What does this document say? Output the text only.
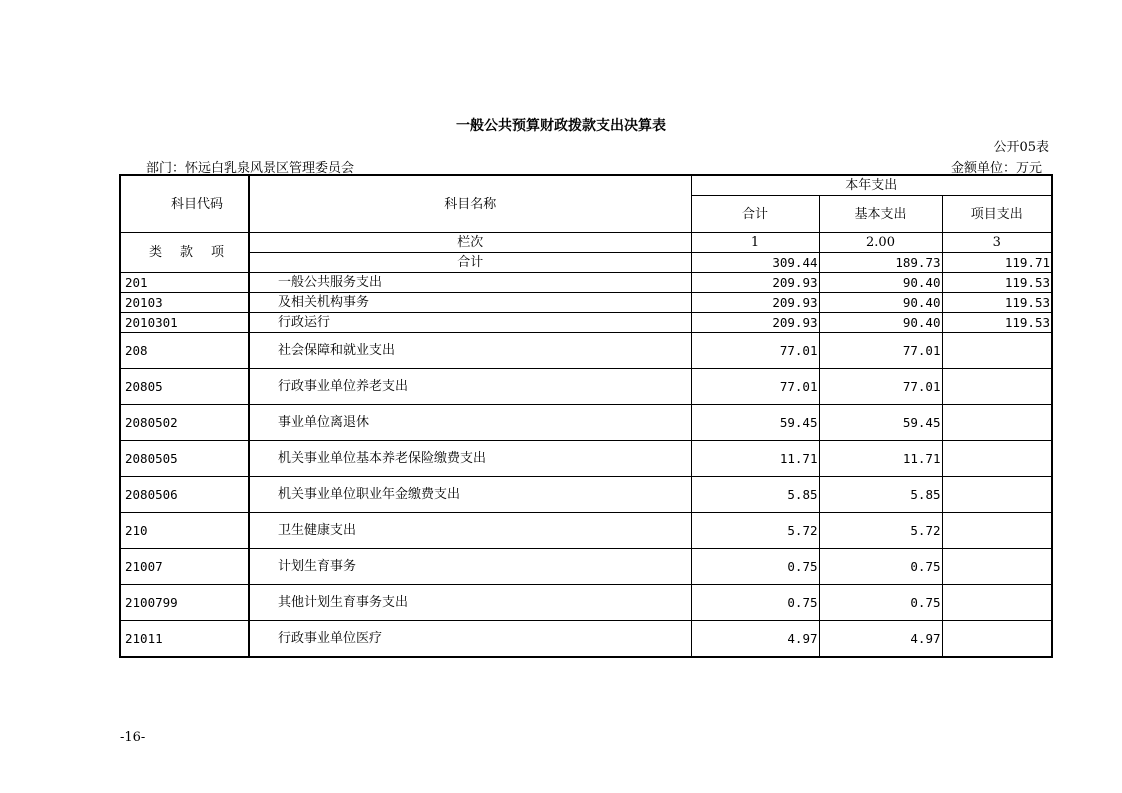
一般公共预算财政拨款支出决算表
公开05表
部门：怀远白乳泉风景区管理委员会	金额单位：万元
科目代码	科目名称	本年支出		
		合计	基本支出	项目支出

类 款 项	栏次	1	2.00	3
	合计	309.44	189.73	119.71
201	一般公共服务支出	209.93	90.40	119.53
20103	及相关机构事务	209.93	90.40	119.53
2010301	行政运行	209.93	90.40	119.53
208	社会保障和就业支出	77.01	77.01	
20805	行政事业单位养老支出	77.01	77.01	
2080502	事业单位离退休	59.45	59.45	
2080505	机关事业单位基本养老保险缴费支出	11.71	11.71	
2080506	机关事业单位职业年金缴费支出	5.85	5.85	
210	卫生健康支出	5.72	5.72	
21007	计划生育事务	0.75	0.75	
2100799	其他计划生育事务支出	0.75	0.75	
21011	行政事业单位医疗	4.97	4.97	
-16-
